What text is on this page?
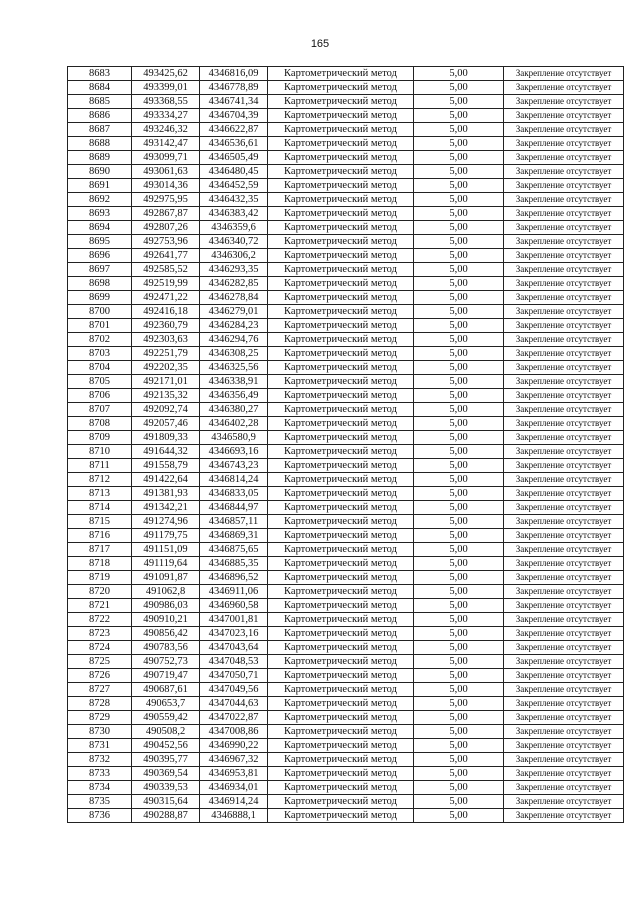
165
8683	493425,62	4346816,09	Картометрический метод	5,00	Закрепление отсутствует
8684	493399,01	4346778,89	Картометрический метод	5,00	Закрепление отсутствует
8685	493368,55	4346741,34	Картометрический метод	5,00	Закрепление отсутствует
8686	493334,27	4346704,39	Картометрический метод	5,00	Закрепление отсутствует
8687	493246,32	4346622,87	Картометрический метод	5,00	Закрепление отсутствует
8688	493142,47	4346536,61	Картометрический метод	5,00	Закрепление отсутствует
8689	493099,71	4346505,49	Картометрический метод	5,00	Закрепление отсутствует
8690	493061,63	4346480,45	Картометрический метод	5,00	Закрепление отсутствует
8691	493014,36	4346452,59	Картометрический метод	5,00	Закрепление отсутствует
8692	492975,95	4346432,35	Картометрический метод	5,00	Закрепление отсутствует
8693	492867,87	4346383,42	Картометрический метод	5,00	Закрепление отсутствует
8694	492807,26	4346359,6	Картометрический метод	5,00	Закрепление отсутствует
8695	492753,96	4346340,72	Картометрический метод	5,00	Закрепление отсутствует
8696	492641,77	4346306,2	Картометрический метод	5,00	Закрепление отсутствует
8697	492585,52	4346293,35	Картометрический метод	5,00	Закрепление отсутствует
8698	492519,99	4346282,85	Картометрический метод	5,00	Закрепление отсутствует
8699	492471,22	4346278,84	Картометрический метод	5,00	Закрепление отсутствует
8700	492416,18	4346279,01	Картометрический метод	5,00	Закрепление отсутствует
8701	492360,79	4346284,23	Картометрический метод	5,00	Закрепление отсутствует
8702	492303,63	4346294,76	Картометрический метод	5,00	Закрепление отсутствует
8703	492251,79	4346308,25	Картометрический метод	5,00	Закрепление отсутствует
8704	492202,35	4346325,56	Картометрический метод	5,00	Закрепление отсутствует
8705	492171,01	4346338,91	Картометрический метод	5,00	Закрепление отсутствует
8706	492135,32	4346356,49	Картометрический метод	5,00	Закрепление отсутствует
8707	492092,74	4346380,27	Картометрический метод	5,00	Закрепление отсутствует
8708	492057,46	4346402,28	Картометрический метод	5,00	Закрепление отсутствует
8709	491809,33	4346580,9	Картометрический метод	5,00	Закрепление отсутствует
8710	491644,32	4346693,16	Картометрический метод	5,00	Закрепление отсутствует
8711	491558,79	4346743,23	Картометрический метод	5,00	Закрепление отсутствует
8712	491422,64	4346814,24	Картометрический метод	5,00	Закрепление отсутствует
8713	491381,93	4346833,05	Картометрический метод	5,00	Закрепление отсутствует
8714	491342,21	4346844,97	Картометрический метод	5,00	Закрепление отсутствует
8715	491274,96	4346857,11	Картометрический метод	5,00	Закрепление отсутствует
8716	491179,75	4346869,31	Картометрический метод	5,00	Закрепление отсутствует
8717	491151,09	4346875,65	Картометрический метод	5,00	Закрепление отсутствует
8718	491119,64	4346885,35	Картометрический метод	5,00	Закрепление отсутствует
8719	491091,87	4346896,52	Картометрический метод	5,00	Закрепление отсутствует
8720	491062,8	4346911,06	Картометрический метод	5,00	Закрепление отсутствует
8721	490986,03	4346960,58	Картометрический метод	5,00	Закрепление отсутствует
8722	490910,21	4347001,81	Картометрический метод	5,00	Закрепление отсутствует
8723	490856,42	4347023,16	Картометрический метод	5,00	Закрепление отсутствует
8724	490783,56	4347043,64	Картометрический метод	5,00	Закрепление отсутствует
8725	490752,73	4347048,53	Картометрический метод	5,00	Закрепление отсутствует
8726	490719,47	4347050,71	Картометрический метод	5,00	Закрепление отсутствует
8727	490687,61	4347049,56	Картометрический метод	5,00	Закрепление отсутствует
8728	490653,7	4347044,63	Картометрический метод	5,00	Закрепление отсутствует
8729	490559,42	4347022,87	Картометрический метод	5,00	Закрепление отсутствует
8730	490508,2	4347008,86	Картометрический метод	5,00	Закрепление отсутствует
8731	490452,56	4346990,22	Картометрический метод	5,00	Закрепление отсутствует
8732	490395,77	4346967,32	Картометрический метод	5,00	Закрепление отсутствует
8733	490369,54	4346953,81	Картометрический метод	5,00	Закрепление отсутствует
8734	490339,53	4346934,01	Картометрический метод	5,00	Закрепление отсутствует
8735	490315,64	4346914,24	Картометрический метод	5,00	Закрепление отсутствует
8736	490288,87	4346888,1	Картометрический метод	5,00	Закрепление отсутствует
